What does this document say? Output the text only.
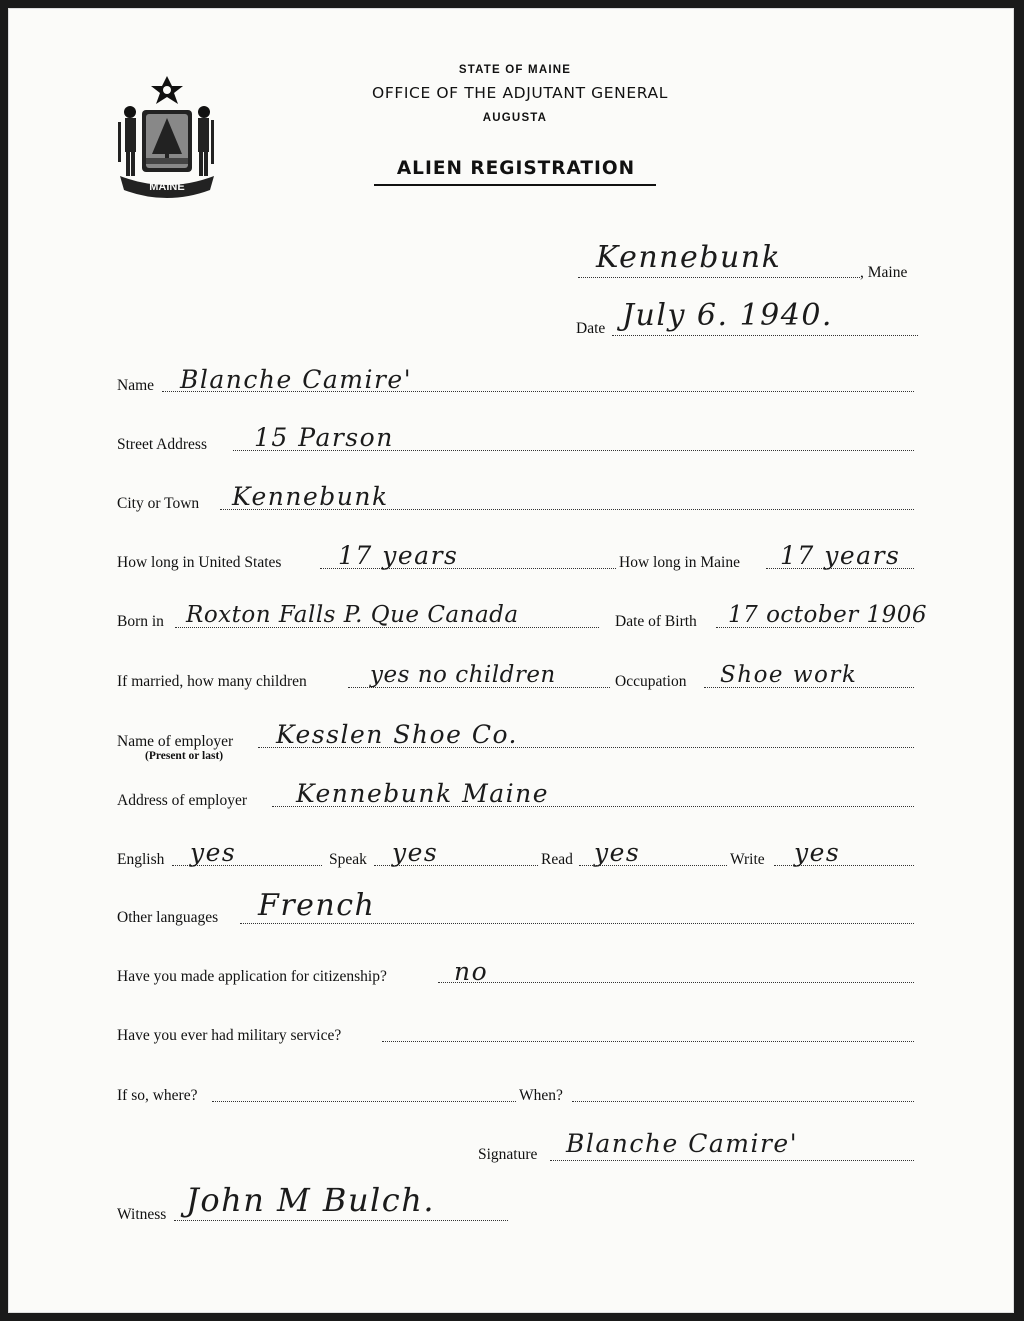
MAINE
STATE OF MAINE
OFFICE OF THE ADJUTANT GENERAL
AUGUSTA
ALIEN REGISTRATION
Kennebunk	, Maine
Date July 6. 1940.
Name Blanche Camire'
Street Address 15 Parson
City or Town Kennebunk
How long in United States 17 years	How long in Maine 17 years
Born in Roxton Falls P. Que Canada	Date of Birth 17 october 1906
If married, how many children	yes no children	Occupation Shoe work
Name of employer
(Present or last)
Kesslen Shoe Co.
Address of employer Kennebunk Maine
English yes	Speak yes	Read yes	Write yes
Other languages French
Have you made application for citizenship?	no
Have you ever had military service?
If so, where?	When?
Signature Blanche Camire'
Witness John M Bulch.
